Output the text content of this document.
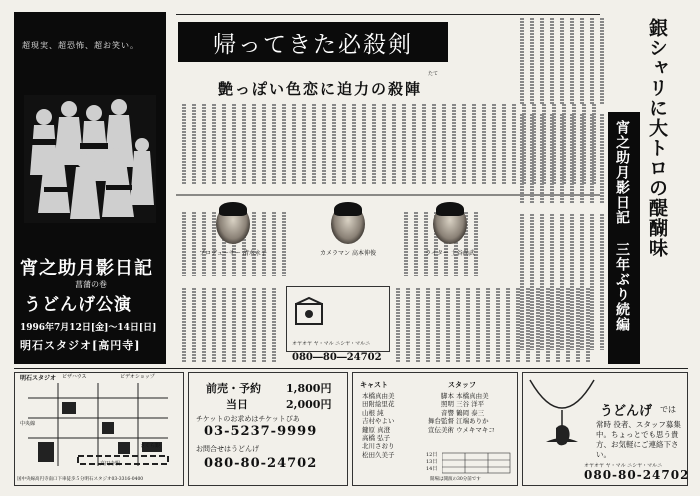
超現実、超恐怖、超お笑い。
宵之助月影日記
菖蒲の巻
うどんげ公演
1996年7月12日[金]〜14日[日]
明石スタジオ[高円寺]
帰ってきた必殺剣
たて
艶っぽい色恋に迫力の殺陣
プロデューサー 清水永子	カメラマン 高本伸俊	ライター 土谷尚武
オヤオヤ ヤ・マル ニシヤ・マルニ
080―80―24702
宵之助月影日記 三年ぶり続編 銀シャリに大トロの醍醐味
明石スタジオ ピザハウス	ビデオショップ
さくら銀
中央線
高円寺駅
国中央線高円寺南口下車徒歩５分明石スタジオ03-3316-0400
前売・予約 1,800円
当日	2,000円
チケットのお求めはチケットぴあ
03-5237-9999
お問合せはうどんげ
080-80-24702
キャスト	スタッフ
本橋真由美
田附絵里花
山根 純
吉村やよい
鍵原 真澄
高橋 弘子
北川さおり
松田久美子
脚本 本橋真由美
照明 三谷 洋平
音響 鶴岡 泰三
舞台監督 江端ありか
宣伝美術 ウメキマキコ
12日
13日
14日
開場は開演の30分前です
うどんげ では
常時 役者、スタッフ募集中。ちょっとでも思う貴方、お気軽にご連絡下さい。
オヤオヤ ヤ・マル ニシヤ・マルニ
080-80-24702
